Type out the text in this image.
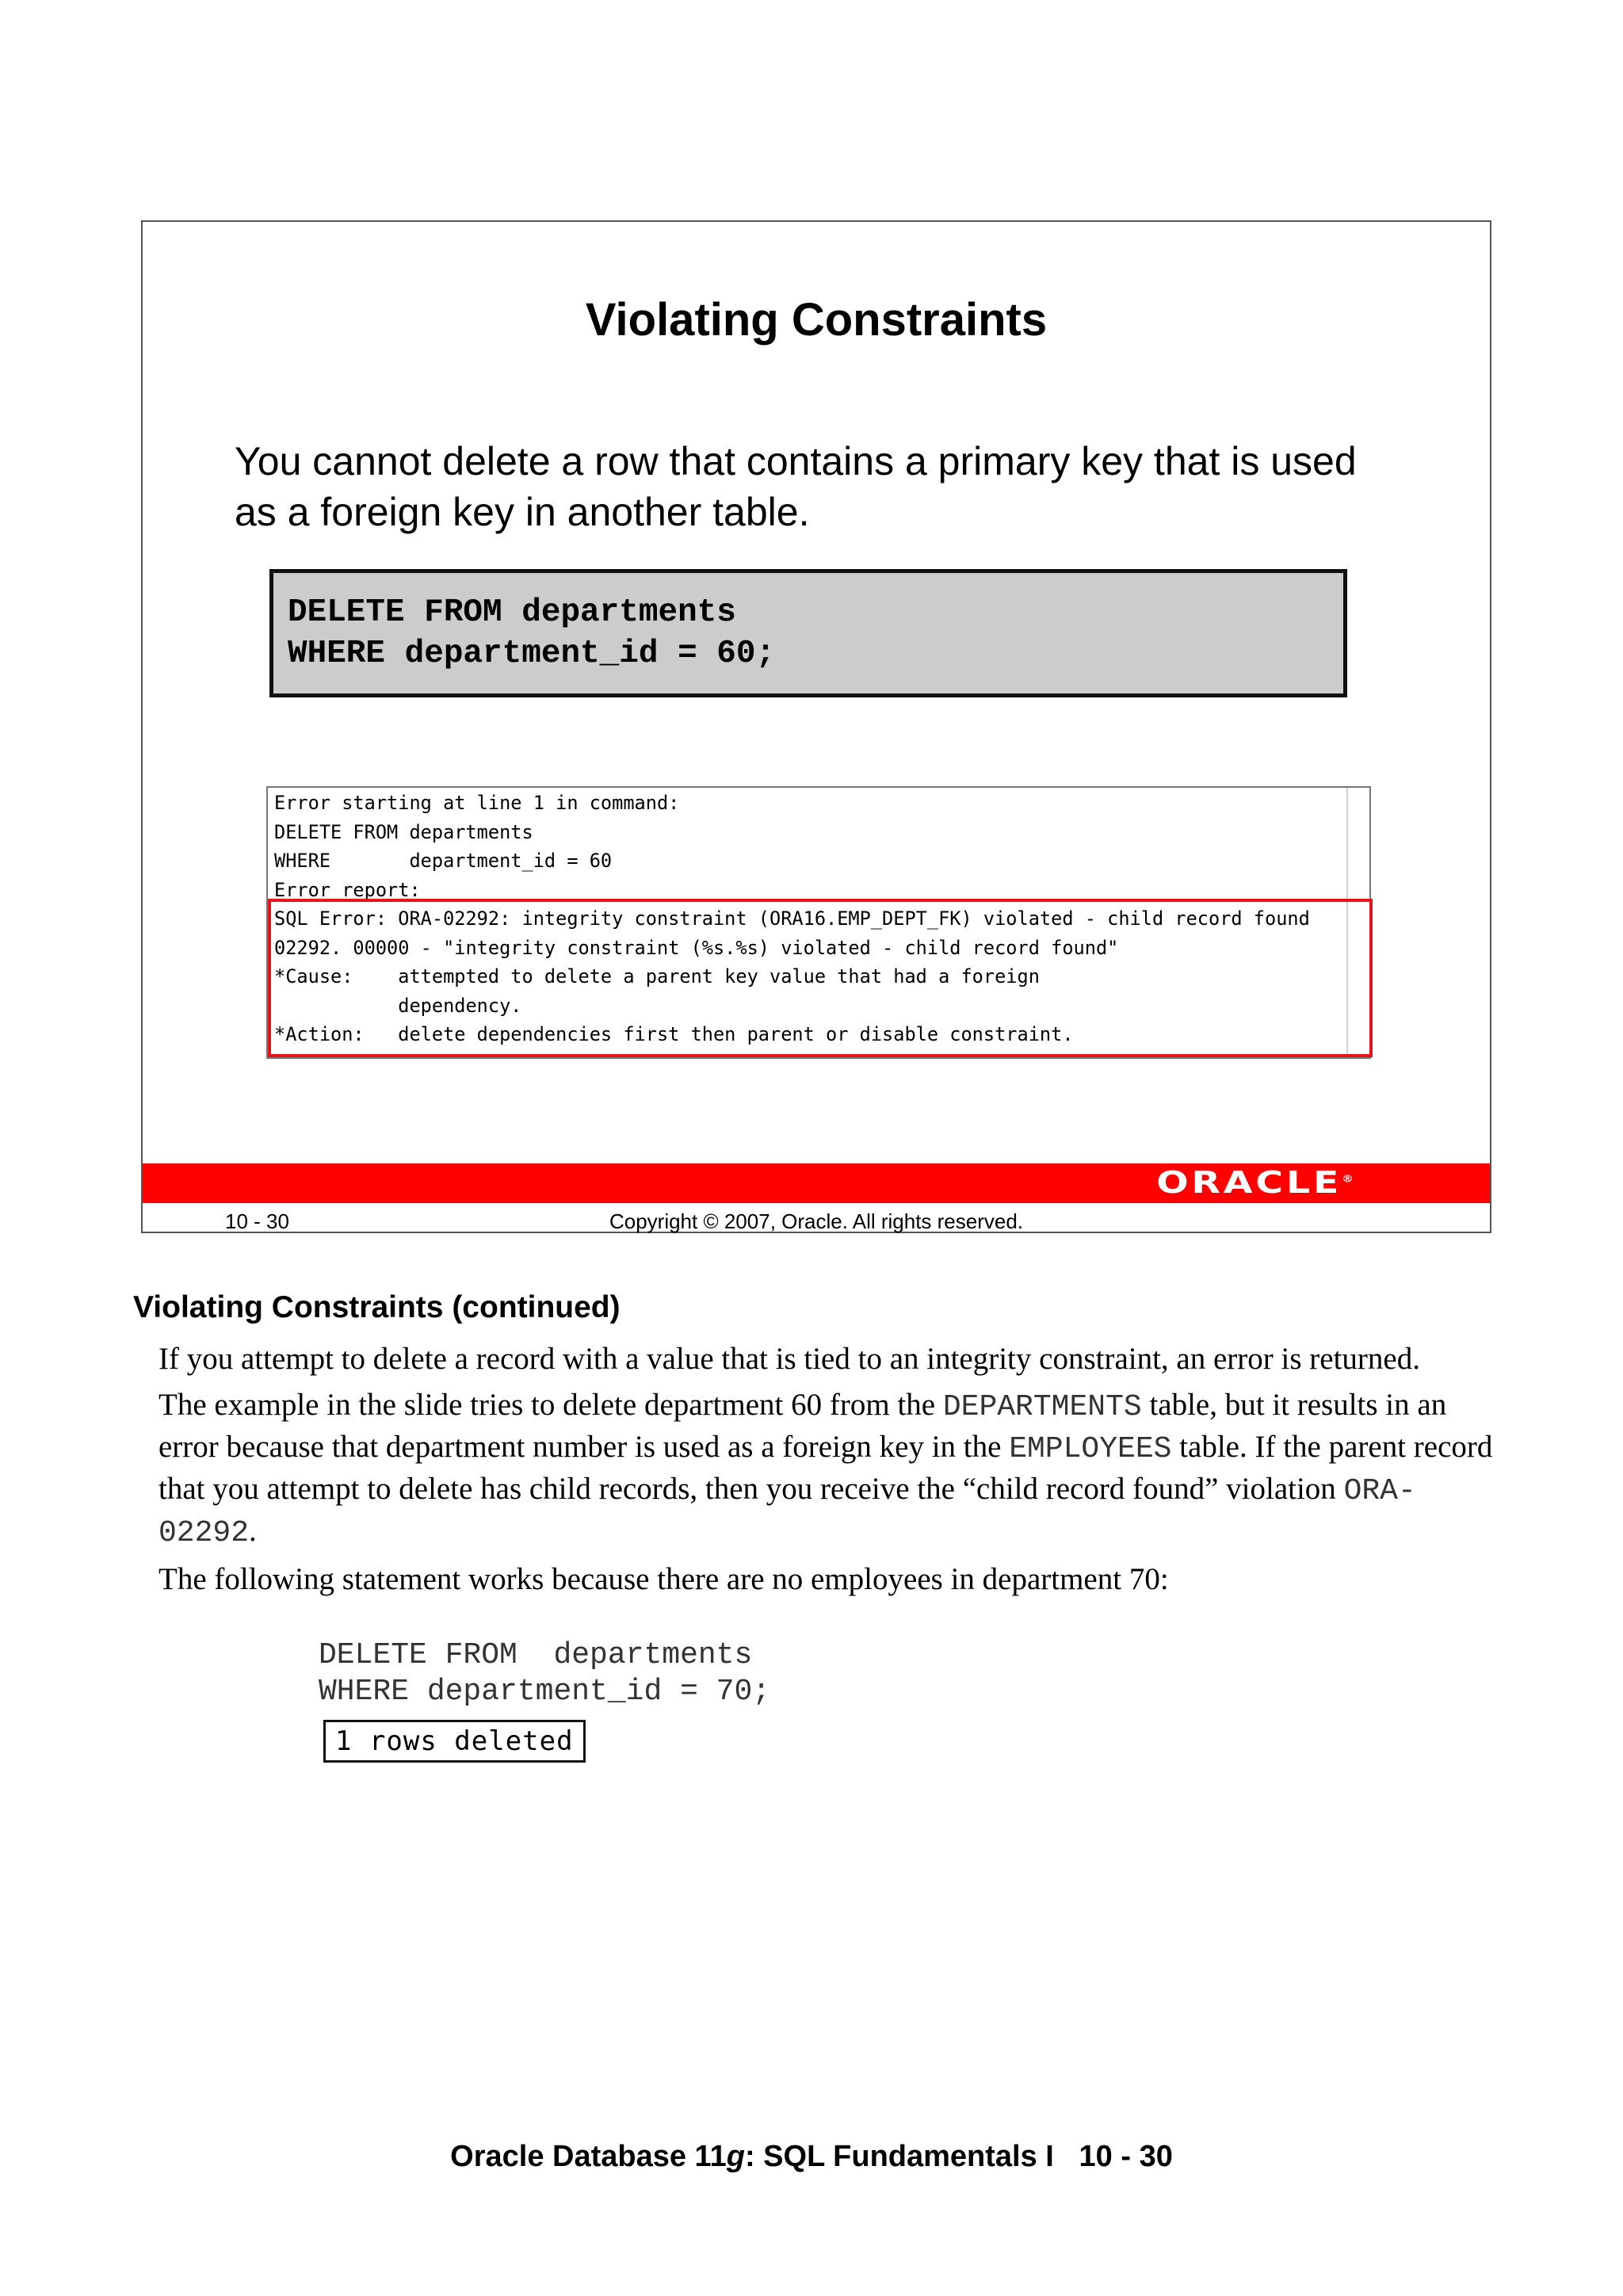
Violating Constraints
You cannot delete a row that contains a primary key that is used as a foreign key in another table.
DELETE FROM departments
WHERE department_id = 60;
Error starting at line 1 in command:
DELETE FROM departments
WHERE       department_id = 60
Error report:
SQL Error: ORA-02292: integrity constraint (ORA16.EMP_DEPT_FK) violated - child record found
02292. 00000 - "integrity constraint (%s.%s) violated - child record found"
*Cause:    attempted to delete a parent key value that had a foreign
dependency.
*Action:   delete dependencies first then parent or disable constraint.
ORACLE®
10 - 30	Copyright © 2007, Oracle. All rights reserved.
Violating Constraints (continued)

If you attempt to delete a record with a value that is tied to an integrity constraint, an error is returned.

The example in the slide tries to delete department 60 from the DEPARTMENTS table, but it results in an error because that department number is used as a foreign key in the EMPLOYEES table. If the parent record that you attempt to delete has child records, then you receive the “child record found” violation ORA-02292.

The following statement works because there are no employees in department 70:

DELETE FROM  departments
WHERE department_id = 70;
1 rows deleted
Oracle Database 11g: SQL Fundamentals I   10 - 30
